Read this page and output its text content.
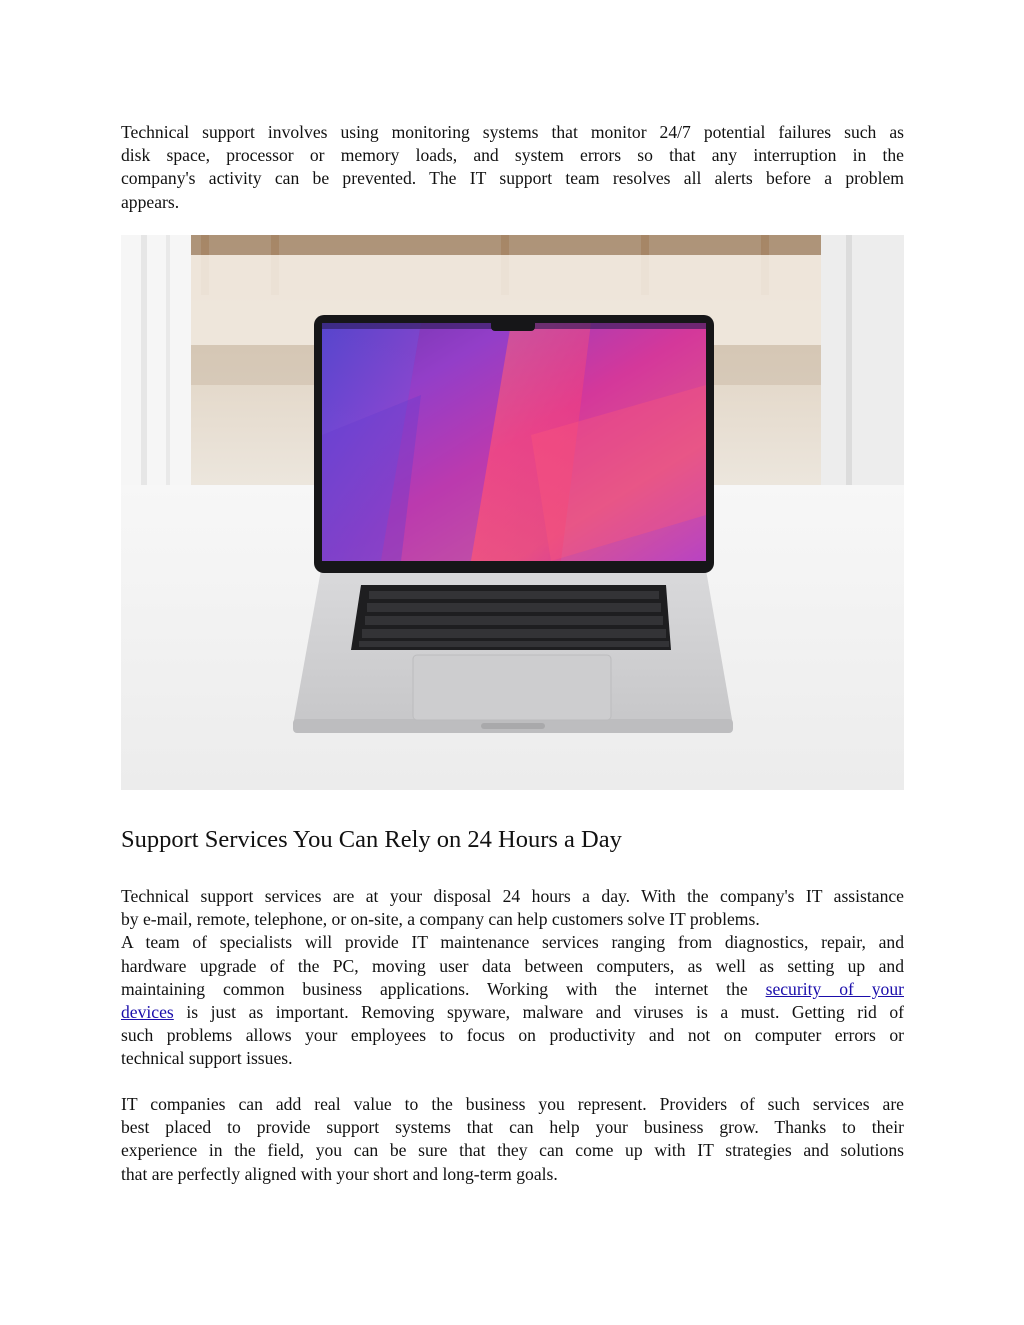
Technical support involves using monitoring systems that monitor 24/7 potential failures such as
disk space, processor or memory loads, and system errors so that any interruption in the
company's activity can be prevented. The IT support team resolves all alerts before a problem
appears.

Support Services You Can Rely on 24 Hours a Day

Technical support services are at your disposal 24 hours a day. With the company's IT assistance
by e-mail, remote, telephone, or on-site, a company can help customers solve IT problems.
A team of specialists will provide IT maintenance services ranging from diagnostics, repair, and
hardware upgrade of the PC, moving user data between computers, as well as setting up and
maintaining common business applications. Working with the internet the security of your
devices is just as important. Removing spyware, malware and viruses is a must. Getting rid of
such problems allows your employees to focus on productivity and not on computer errors or
technical support issues.

IT companies can add real value to the business you represent. Providers of such services are
best placed to provide support systems that can help your business grow. Thanks to their
experience in the field, you can be sure that they can come up with IT strategies and solutions
that are perfectly aligned with your short and long-term goals.
